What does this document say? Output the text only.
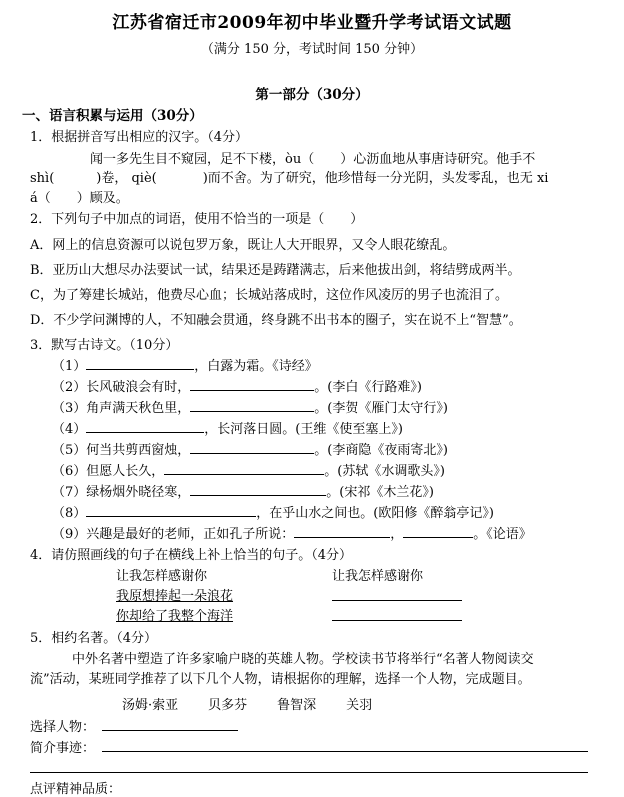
江苏省宿迁市2009年初中毕业暨升学考试语文试题
（满分 150 分，考试时间 150 分钟）
第一部分（30分）
一、语言积累与运用（30分）
1．根据拼音写出相应的汉字。（4分）
闻一多先生目不窥园，足不下楼，òu（　　）心沥血地从事唐诗研究。他手不
shì(	)卷， qiè(	)而不舍。为了研究，他珍惜每一分光阴，头发零乱，也无 xi
á（　　）顾及。
2．下列句子中加点的词语，使用不恰当的一项是（　　）
A．网上的信息资源可以说包罗万象，既让人大开眼界，又令人眼花缭乱。
B．亚历山大想尽办法要试一试，结果还是踌躇满志，后来他拔出剑，将结劈成两半。
C，为了筹建长城站，他费尽心血；长城站落成时，这位作风凌厉的男子也流泪了。
D．不少学问渊博的人，不知融会贯通，终身跳不出书本的圈子，实在说不上“智慧”。
3．默写古诗文。（10分）
（1）	，白露为霜。《诗经》
（2）长风破浪会有时，	。(李白《行路难》)
（3）角声满天秋色里，	。(李贺《雁门太守行》)
（4）	，长河落日圆。(王维《使至塞上》)
（5）何当共剪西窗烛，	。(李商隐《夜雨寄北》)
（6）但愿人长久，	。(苏轼《水调歌头》)
（7）绿杨烟外晓径寒，	。(宋祁《木兰花》)
（8）	，在乎山水之间也。(欧阳修《醉翁亭记》)
（9）兴趣是最好的老师，正如孔子所说：	，	。《论语》
4．请仿照画线的句子在横线上补上恰当的句子。（4分）
让我怎样感谢你	让我怎样感谢你
我原想捧起一朵浪花
你却给了我整个海洋
5．相约名著。（4分）
中外名著中塑造了许多家喻户晓的英雄人物。学校读书节将举行“名著人物阅读交
流”活动，某班同学推荐了以下几个人物，请根据你的理解，选择一个人物，完成题目。
汤姆·索亚 贝多芬 鲁智深 关羽
选择人物：
简介事迹：
点评精神品质：
